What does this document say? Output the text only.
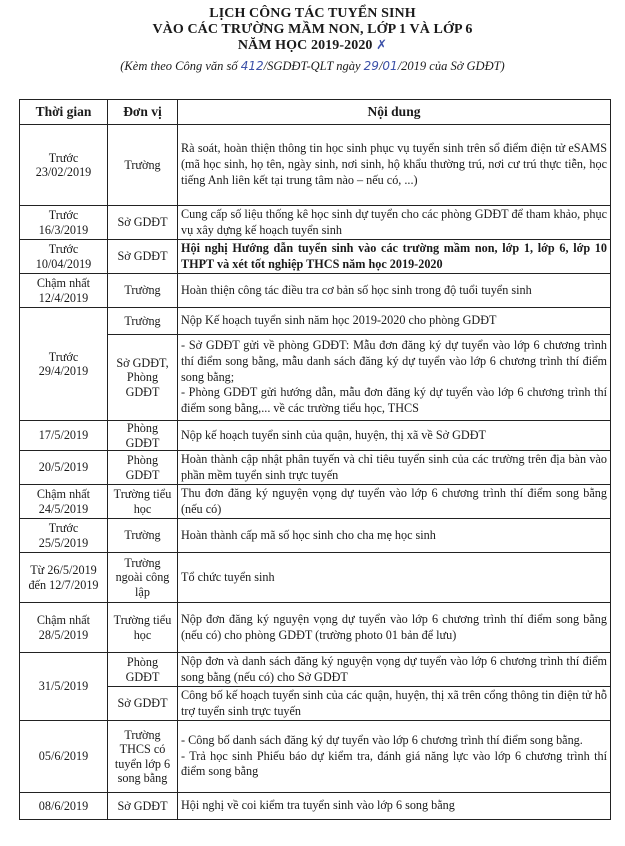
LỊCH CÔNG TÁC TUYỂN SINH
VÀO CÁC TRƯỜNG MẦM NON, LỚP 1 VÀ LỚP 6
NĂM HỌC 2019-2020 ✗
(Kèm theo Công văn số 412/SGDĐT-QLT ngày 29/01/2019 của Sở GDĐT)
Thời gian	Đơn vị	Nội dung
Trước 23/02/2019	Trường	Rà soát, hoàn thiện thông tin học sinh phục vụ tuyển sinh trên sổ điểm điện tử eSAMS (mã học sinh, họ tên, ngày sinh, nơi sinh, hộ khẩu thường trú, nơi cư trú thực tiễn, học tiếng Anh liên kết tại trung tâm nào – nếu có, ...)
Trước 16/3/2019	Sở GDĐT	Cung cấp số liệu thống kê học sinh dự tuyển cho các phòng GDĐT để tham khảo, phục vụ xây dựng kế hoạch tuyển sinh
Trước 10/04/2019	Sở GDĐT	Hội nghị Hướng dẫn tuyển sinh vào các trường mầm non, lớp 1, lớp 6, lớp 10 THPT và xét tốt nghiệp THCS năm học 2019-2020
Chậm nhất 12/4/2019	Trường	Hoàn thiện công tác điều tra cơ bản số học sinh trong độ tuổi tuyển sinh
Trước 29/4/2019	Trường	Nộp Kế hoạch tuyển sinh năm học 2019-2020 cho phòng GDĐT
	Sở GDĐT, Phòng GDĐT	- Sở GDĐT gửi về phòng GDĐT: Mẫu đơn đăng ký dự tuyển vào lớp 6 chương trình thí điểm song bằng, mẫu danh sách đăng ký dự tuyển vào lớp 6 chương trình thí điểm song bằng;
- Phòng GDĐT gửi hướng dẫn, mẫu đơn đăng ký dự tuyển vào lớp 6 chương trình thí điểm song bằng,... về các trường tiểu học, THCS

17/5/2019	Phòng GDĐT	Nộp kế hoạch tuyển sinh của quận, huyện, thị xã về Sở GDĐT
20/5/2019	Phòng GDĐT	Hoàn thành cập nhật phân tuyến và chỉ tiêu tuyển sinh của các trường trên địa bàn vào phần mềm tuyển sinh trực tuyến
Chậm nhất 24/5/2019	Trường tiểu học	Thu đơn đăng ký nguyện vọng dự tuyển vào lớp 6 chương trình thí điểm song bằng (nếu có)
Trước 25/5/2019	Trường	Hoàn thành cấp mã số học sinh cho cha mẹ học sinh
Từ 26/5/2019 đến 12/7/2019	Trường ngoài công lập	Tổ chức tuyển sinh
Chậm nhất 28/5/2019	Trường tiểu học	Nộp đơn đăng ký nguyện vọng dự tuyển vào lớp 6 chương trình thí điểm song bằng (nếu có) cho phòng GDĐT (trường photo 01 bản để lưu)
31/5/2019	Phòng GDĐT	Nộp đơn và danh sách đăng ký nguyện vọng dự tuyển vào lớp 6 chương trình thí điểm song bằng (nếu có) cho Sở GDĐT
	Sở GDĐT	Công bố kế hoạch tuyển sinh của các quận, huyện, thị xã trên cổng thông tin điện tử hỗ trợ tuyển sinh trực tuyến
05/6/2019	Trường THCS có tuyển lớp 6 song bằng	- Công bố danh sách đăng ký dự tuyển vào lớp 6 chương trình thí điểm song bằng.
- Trả học sinh Phiếu báo dự kiểm tra, đánh giá năng lực vào lớp 6 chương trình thí điểm song bằng

08/6/2019	Sở GDĐT	Hội nghị về coi kiểm tra tuyển sinh vào lớp 6 song bằng
